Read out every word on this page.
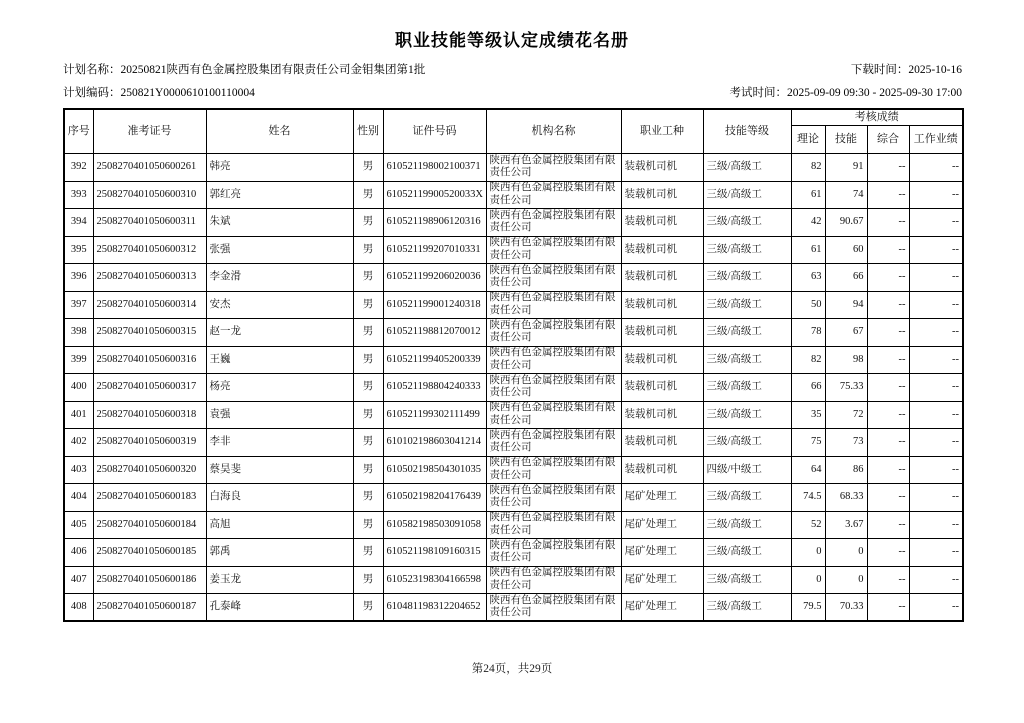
职业技能等级认定成绩花名册
计划名称：20250821陕西有色金属控股集团有限责任公司金钼集团第1批	下载时间：2025-10-16
计划编码：250821Y0000610100110004	考试时间：2025-09-09 09:30 - 2025-09-30 17:00
序号	准考证号	姓名	性别	证件号码	机构名称	职业工种	技能等级	考核成绩			
								理论	技能	综合	工作业绩
392	2508270401050600261	韩亮	男	610521198002100371	陕西有色金属控股集团有限责任公司	装载机司机	三级/高级工	82	91	--	--
393	2508270401050600310	郭红亮	男	61052119900520033X	陕西有色金属控股集团有限责任公司	装载机司机	三级/高级工	61	74	--	--
394	2508270401050600311	朱斌	男	610521198906120316	陕西有色金属控股集团有限责任公司	装载机司机	三级/高级工	42	90.67	--	--
395	2508270401050600312	张强	男	610521199207010331	陕西有色金属控股集团有限责任公司	装载机司机	三级/高级工	61	60	--	--
396	2508270401050600313	李金滑	男	610521199206020036	陕西有色金属控股集团有限责任公司	装载机司机	三级/高级工	63	66	--	--
397	2508270401050600314	安杰	男	610521199001240318	陕西有色金属控股集团有限责任公司	装载机司机	三级/高级工	50	94	--	--
398	2508270401050600315	赵一龙	男	610521198812070012	陕西有色金属控股集团有限责任公司	装载机司机	三级/高级工	78	67	--	--
399	2508270401050600316	王巍	男	610521199405200339	陕西有色金属控股集团有限责任公司	装载机司机	三级/高级工	82	98	--	--
400	2508270401050600317	杨亮	男	610521198804240333	陕西有色金属控股集团有限责任公司	装载机司机	三级/高级工	66	75.33	--	--
401	2508270401050600318	袁强	男	610521199302111499	陕西有色金属控股集团有限责任公司	装载机司机	三级/高级工	35	72	--	--
402	2508270401050600319	李非	男	610102198603041214	陕西有色金属控股集团有限责任公司	装载机司机	三级/高级工	75	73	--	--
403	2508270401050600320	蔡昊斐	男	610502198504301035	陕西有色金属控股集团有限责任公司	装载机司机	四级/中级工	64	86	--	--
404	2508270401050600183	白海良	男	610502198204176439	陕西有色金属控股集团有限责任公司	尾矿处理工	三级/高级工	74.5	68.33	--	--
405	2508270401050600184	高旭	男	610582198503091058	陕西有色金属控股集团有限责任公司	尾矿处理工	三级/高级工	52	3.67	--	--
406	2508270401050600185	郭禹	男	610521198109160315	陕西有色金属控股集团有限责任公司	尾矿处理工	三级/高级工	0	0	--	--
407	2508270401050600186	姜玉龙	男	610523198304166598	陕西有色金属控股集团有限责任公司	尾矿处理工	三级/高级工	0	0	--	--
408	2508270401050600187	孔泰峰	男	610481198312204652	陕西有色金属控股集团有限责任公司	尾矿处理工	三级/高级工	79.5	70.33	--	--
第24页，共29页
